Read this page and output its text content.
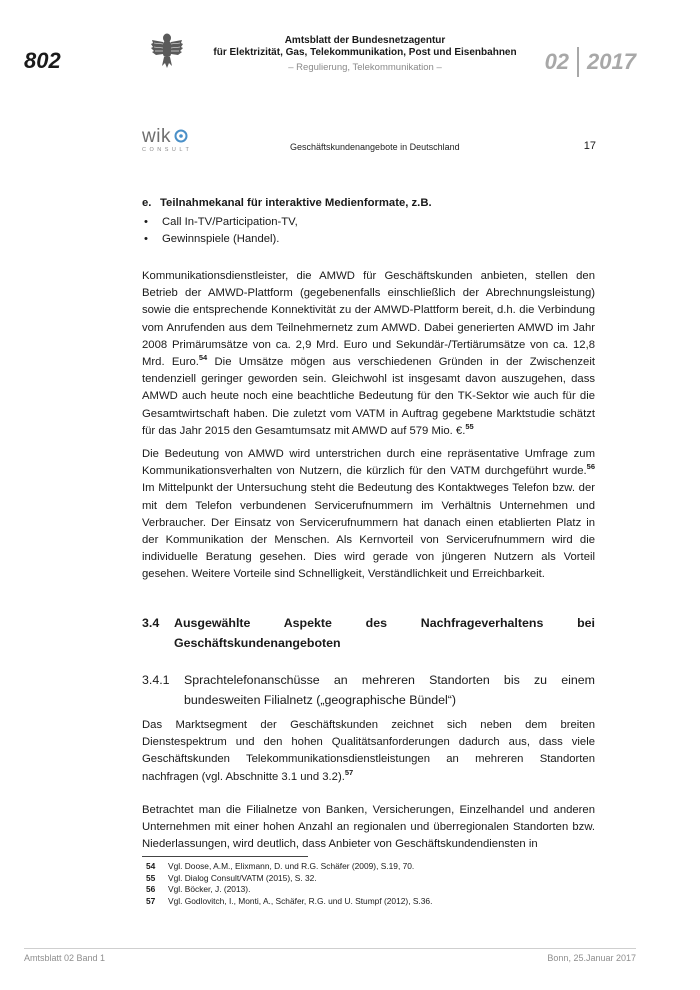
802
Amtsblatt der Bundesnetzagentur
für Elektrizität, Gas, Telekommunikation, Post und Eisenbahnen
– Regulierung, Telekommunikation –	02 2017
wik
CONSULT	Geschäftskundenangebote in Deutschland	17
e. Teilnahmekanal für interaktive Medienformate, z.B.
• Call In-TV/Participation-TV,
• Gewinnspiele (Handel).
Kommunikationsdienstleister, die AMWD für Geschäftskunden anbieten, stellen den Betrieb der AMWD-Plattform (gegebenenfalls einschließlich der Abrechnungsleistung) sowie die entsprechende Konnektivität zu der AMWD-Plattform bereit, d.h. die Verbindung vom Anrufenden aus dem Teilnehmernetz zum AMWD. Dabei generierten AMWD im Jahr 2008 Primärumsätze von ca. 2,9 Mrd. Euro und Sekundär-/Tertiärumsätze von ca. 12,8 Mrd. Euro.$^{54}$ Die Umsätze mögen aus verschiedenen Gründen in der Zwischenzeit tendenziell geringer geworden sein. Gleichwohl ist insgesamt davon auszugehen, dass AMWD auch heute noch eine beachtliche Bedeutung für den TK-Sektor wie auch für die Gesamtwirtschaft haben. Die zuletzt vom VATM in Auftrag gegebene Marktstudie schätzt für das Jahr 2015 den Gesamtumsatz mit AMWD auf 579 Mio. €.$^{55}$
Die Bedeutung von AMWD wird unterstrichen durch eine repräsentative Umfrage zum Kommunikationsverhalten von Nutzern, die kürzlich für den VATM durchgeführt wurde.$^{56}$ Im Mittelpunkt der Untersuchung steht die Bedeutung des Kontaktweges Telefon bzw. der mit dem Telefon verbundenen Servicerufnummern im Verhältnis Unternehmen und Verbraucher. Der Einsatz von Servicerufnummern hat danach einen etablierten Platz in der Kommunikation der Menschen. Als Kernvorteil von Servicerufnummern wird die individuelle Beratung gesehen. Dies wird gerade von jüngeren Nutzern als Vorteil gesehen. Weitere Vorteile sind Schnelligkeit, Verständlichkeit und Erreichbarkeit.
3.4	Ausgewählte Aspekte des Nachfrageverhaltens bei Geschäftskundenangeboten
3.4.1	Sprachtelefonanschüsse an mehreren Standorten bis zu einem bundesweiten Filialnetz („geographische Bündel“)
Das Marktsegment der Geschäftskunden zeichnet sich neben dem breiten Dienstespektrum und den hohen Qualitätsanforderungen dadurch aus, dass viele Geschäftskunden Telekommunikationsdienstleistungen an mehreren Standorten nachfragen (vgl. Abschnitte 3.1 und 3.2).$^{57}$
Betrachtet man die Filialnetze von Banken, Versicherungen, Einzelhandel und anderen Unternehmen mit einer hohen Anzahl an regionalen und überregionalen Standorten bzw. Niederlassungen, wird deutlich, dass Anbieter von Geschäftskundendiensten in
54	Vgl. Doose, A.M., Elixmann, D. und R.G. Schäfer (2009), S.19, 70.
55	Vgl. Dialog Consult/VATM (2015), S. 32.
56	Vgl. Böcker, J. (2013).
57	Vgl. Godlovitch, I., Monti, A., Schäfer, R.G. und U. Stumpf (2012), S.36.
Amtsblatt 02 Band 1	Bonn, 25.Januar 2017
